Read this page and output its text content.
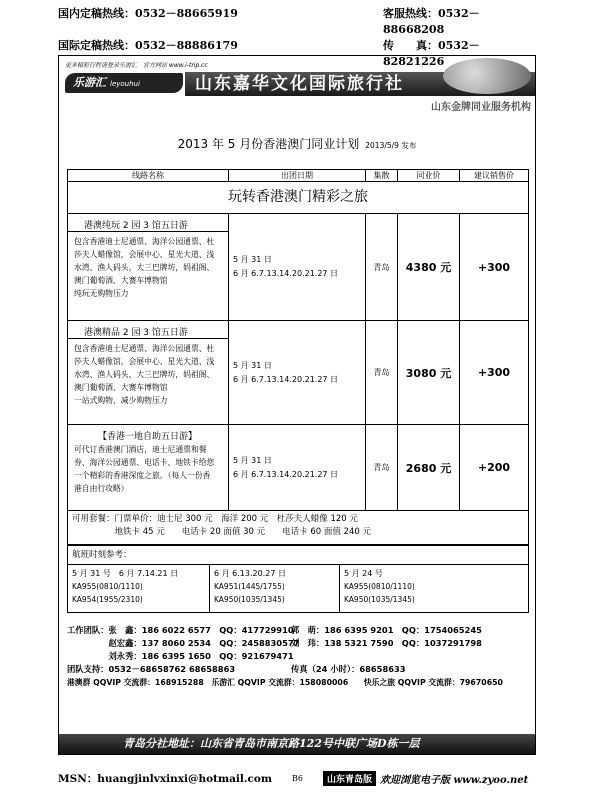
国内定稿热线：0532－88665919	客服热线：0532－88668208
国际定稿热线：0532－88886179	传　　真：0532－82821226
更多精彩行程请登录乐游汇　官方网站 www.i-trip.cc
乐游汇 leyouhui	山东嘉华文化国际旅行社
山东金牌同业服务机构
2013 年 5 月份香港澳门同业计划 2013/5/9 发布
线路名称	出团日期	集散	同业价	建议销售价
玩转香港澳门精彩之旅
港澳纯玩 2 园 3 馆五日游
包含香港迪士尼通票、海洋公园通票、杜
莎夫人蜡像馆，会展中心、星光大道、浅
水湾、渔人码头，大三巴牌坊，妈祖阁、
澳门葡萄酒、大赛车博物馆
纯玩无购物压力
5 月 31 日
6 月 6.7.13.14.20.21.27 日
青岛	4380 元	+300
港澳精品 2 园 3 馆五日游
包含香港迪士尼通票、海洋公园通票、杜
莎夫人蜡像馆，会展中心、星光大道、浅
水湾、渔人码头，大三巴牌坊，妈祖阁、
澳门葡萄酒、大赛车博物馆
一站式购物，减少购物压力
5 月 31 日
6 月 6.7.13.14.20.21.27 日
青岛	3080 元	+300
【香港一地自助五日游】
可代订香港澳门酒店，迪士尼通票和餐
券、海洋公园通票、电话卡、地铁卡给您
一个精彩的香港深度之旅。（每人一份香
港自由行攻略）
5 月 31 日
6 月 6.7.13.14.20.21.27 日
青岛	2680 元	+200
可用套餐：门票单价：迪士尼 300 元　海洋 200 元　杜莎夫人蜡像 120 元
　　　　　地铁卡 45 元　　电话卡 20 面值 30 元　　电话卡 60 面值 240 元
航班时刻参考：
5 月 31 号　6 月 7.14.21 日
KA955(0810/1110)
KA954(1955/2310)
6 月 6.13.20.27 日
KA951(1445/1755)
KA950(1035/1345)
5 月 24 号
KA955(0810/1110)
KA950(1035/1345)
工作团队：张　鑫：186 6022 6577　QQ：417729910
郭　萌：186 6395 9201　QQ：1754065245
　　　　　赵宏鑫：137 8060 2534　QQ：2458830577
刘　玮：138 5321 7590　QQ：1037291798
　　　　　刘永秀：186 6395 1650　QQ：921679471
团队支持：0532－68658762 68658863	传真（24 小时）：68658633
港澳群 QQVIP 交流群：168915288　乐游汇 QQVIP 交流群：158080006　　快乐之旅 QQVIP 交流群：79670650
青岛分社地址：山东省青岛市南京路122号中联广场D栋一层
MSN：huangjinlvxinxi@hotmail.com	B6	山东青岛版 欢迎浏览电子版 www.zyoo.net
